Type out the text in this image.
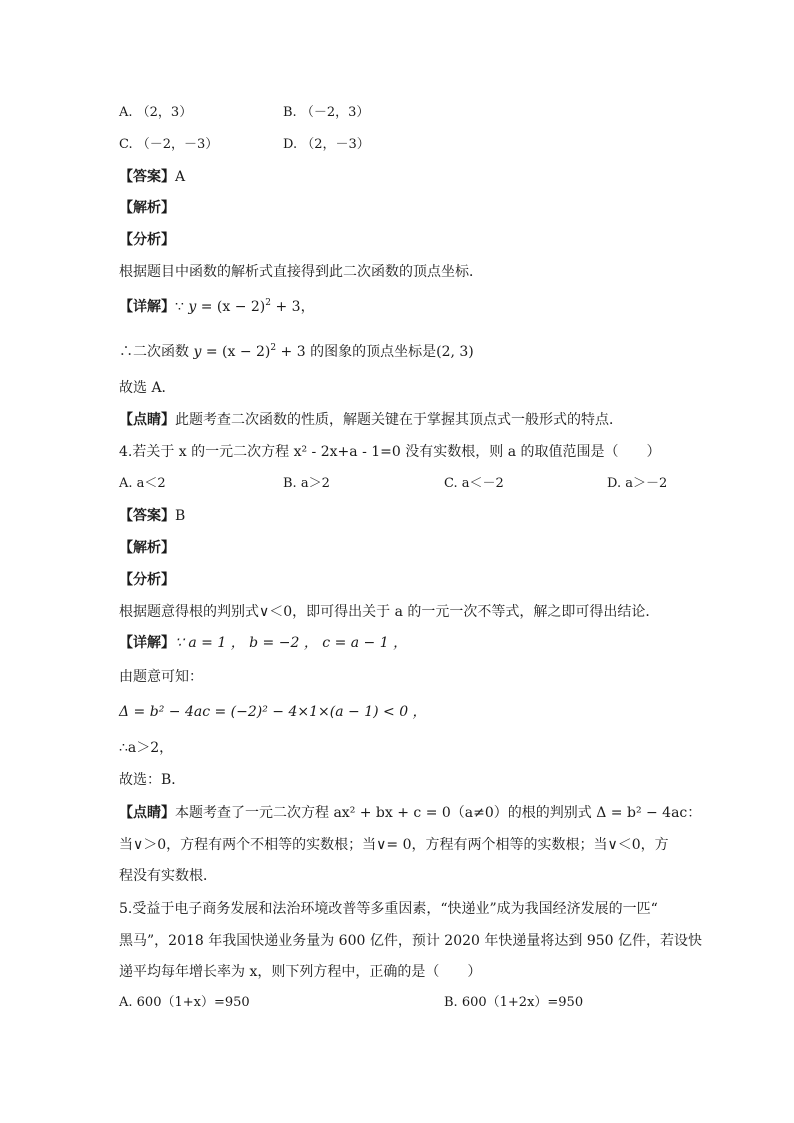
A. （2，3）	B. （－2，3）
C. （－2，－3）	D. （2，－3）
【答案】A
【解析】
【分析】
根据题目中函数的解析式直接得到此二次函数的顶点坐标．
【详解】∵ $y = (x - 2)^2 + 3$，
∴二次函数 $y = (x - 2)^2 + 3$ 的图象的顶点坐标是(2, 3)
故选 A．
【点睛】此题考查二次函数的性质，解题关键在于掌握其顶点式一般形式的特点．
4.若关于 x 的一元二次方程 x² - 2x+a - 1=0 没有实数根，则 a 的取值范围是（　　）
A. a＜2	B. a＞2	C. a＜－2	D. a＞－2
【答案】B
【解析】
【分析】
根据题意得根的判别式∨＜0，即可得出关于 a 的一元一次不等式，解之即可得出结论．
【详解】∵ a = 1 ， b = −2 ， c = a − 1 ，
由题意可知：
Δ = b² − 4ac = (−2)² − 4×1×(a − 1) < 0 ，
∴a＞2，
故选：B．
【点睛】本题考查了一元二次方程 ax² + bx + c = 0（a≠0）的根的判别式 Δ = b² − 4ac：
当∨＞0，方程有两个不相等的实数根；当∨= 0，方程有两个相等的实数根；当∨＜0，方
程没有实数根．
5.受益于电子商务发展和法治环境改普等多重因素，“快递业”成为我国经济发展的一匹“
黑马”，2018 年我国快递业务量为 600 亿件，预计 2020 年快递量将达到 950 亿件，若设快
递平均每年增长率为 x，则下列方程中，正确的是（　　）
A. 600（1+x）=950	B. 600（1+2x）=950
